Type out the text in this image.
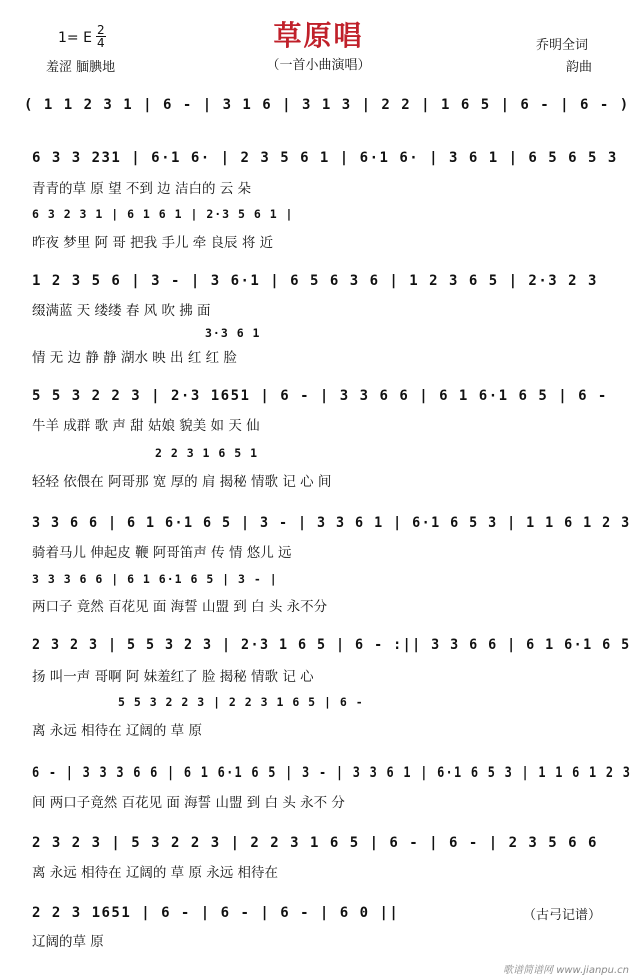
草原唱
（一首小曲演唱）
1= E 2
4
羞涩 腼腆地
乔明全词
韵曲
( 1 1 2 3 1 | 6 - | 3 1 6 | 3 1 3 | 2 2 | 1 6 5 | 6 - | 6 - )
6 3 3 231 | 6·1 6· | 2 3 5 6 1 | 6·1 6· | 3 6 1 | 6 5 6 5 3
青青的草 原 望 不到 边 洁白的 云 朵
6 3 2 3 1 | 6 1 6 1 | 2·3 5 6 1 |
昨夜 梦里 阿 哥 把我 手儿 牵 良辰 将 近
1 2 3 5 6 | 3 - | 3 6·1 | 6 5 6 3 6 | 1 2 3 6 5 | 2·3 2 3
缀满蓝 天 缕缕 春 风 吹 拂 面
3·3 6 1
情 无 边 静 静 湖水 映 出 红 红 脸
5 5 3 2 2 3 | 2·3 1651 | 6 - | 3 3 6 6 | 6 1 6·1 6 5 | 6 -
牛羊 成群 歌 声 甜 姑娘 貌美 如 天 仙
2 2 3 1 6 5 1
轻轻 依偎在 阿哥那 宽 厚的 肩 揭秘 情歌 记 心 间
3 3 6 6 | 6 1 6·1 6 5 | 3 - | 3 3 6 1 | 6·1 6 5 3 | 1 1 6 1 2 3
骑着马儿 伸起皮 鞭 阿哥笛声 传 情 悠儿 远
3 3 3 6 6 | 6 1 6·1 6 5 | 3 - |
两口子 竟然 百花见 面 海誓 山盟 到 白 头 永不分
2 3 2 3 | 5 5 3 2 3 | 2·3 1 6 5 | 6 - :|| 3 3 6 6 | 6 1 6·1 6 5
扬 叫一声 哥啊 阿 妹羞红了 脸 揭秘 情歌 记 心
5 5 3 2 2 3 | 2 2 3 1 6 5 | 6 -
离 永远 相待在 辽阔的 草 原
6 - | 3 3 3 6 6 | 6 1 6·1 6 5 | 3 - | 3 3 6 1 | 6·1 6 5 3 | 1 1 6 1 2 3
间 两口子竟然 百花见 面 海誓 山盟 到 白 头 永不 分
2 3 2 3 | 5 3 2 2 3 | 2 2 3 1 6 5 | 6 - | 6 - | 2 3 5 6 6
离 永远 相待在 辽阔的 草 原 永远 相待在
2 2 3 1651 | 6 - | 6 - | 6 - | 6 0 ||
辽阔的草 原
（古弓记谱）
歌谱简谱网 www.jianpu.cn
